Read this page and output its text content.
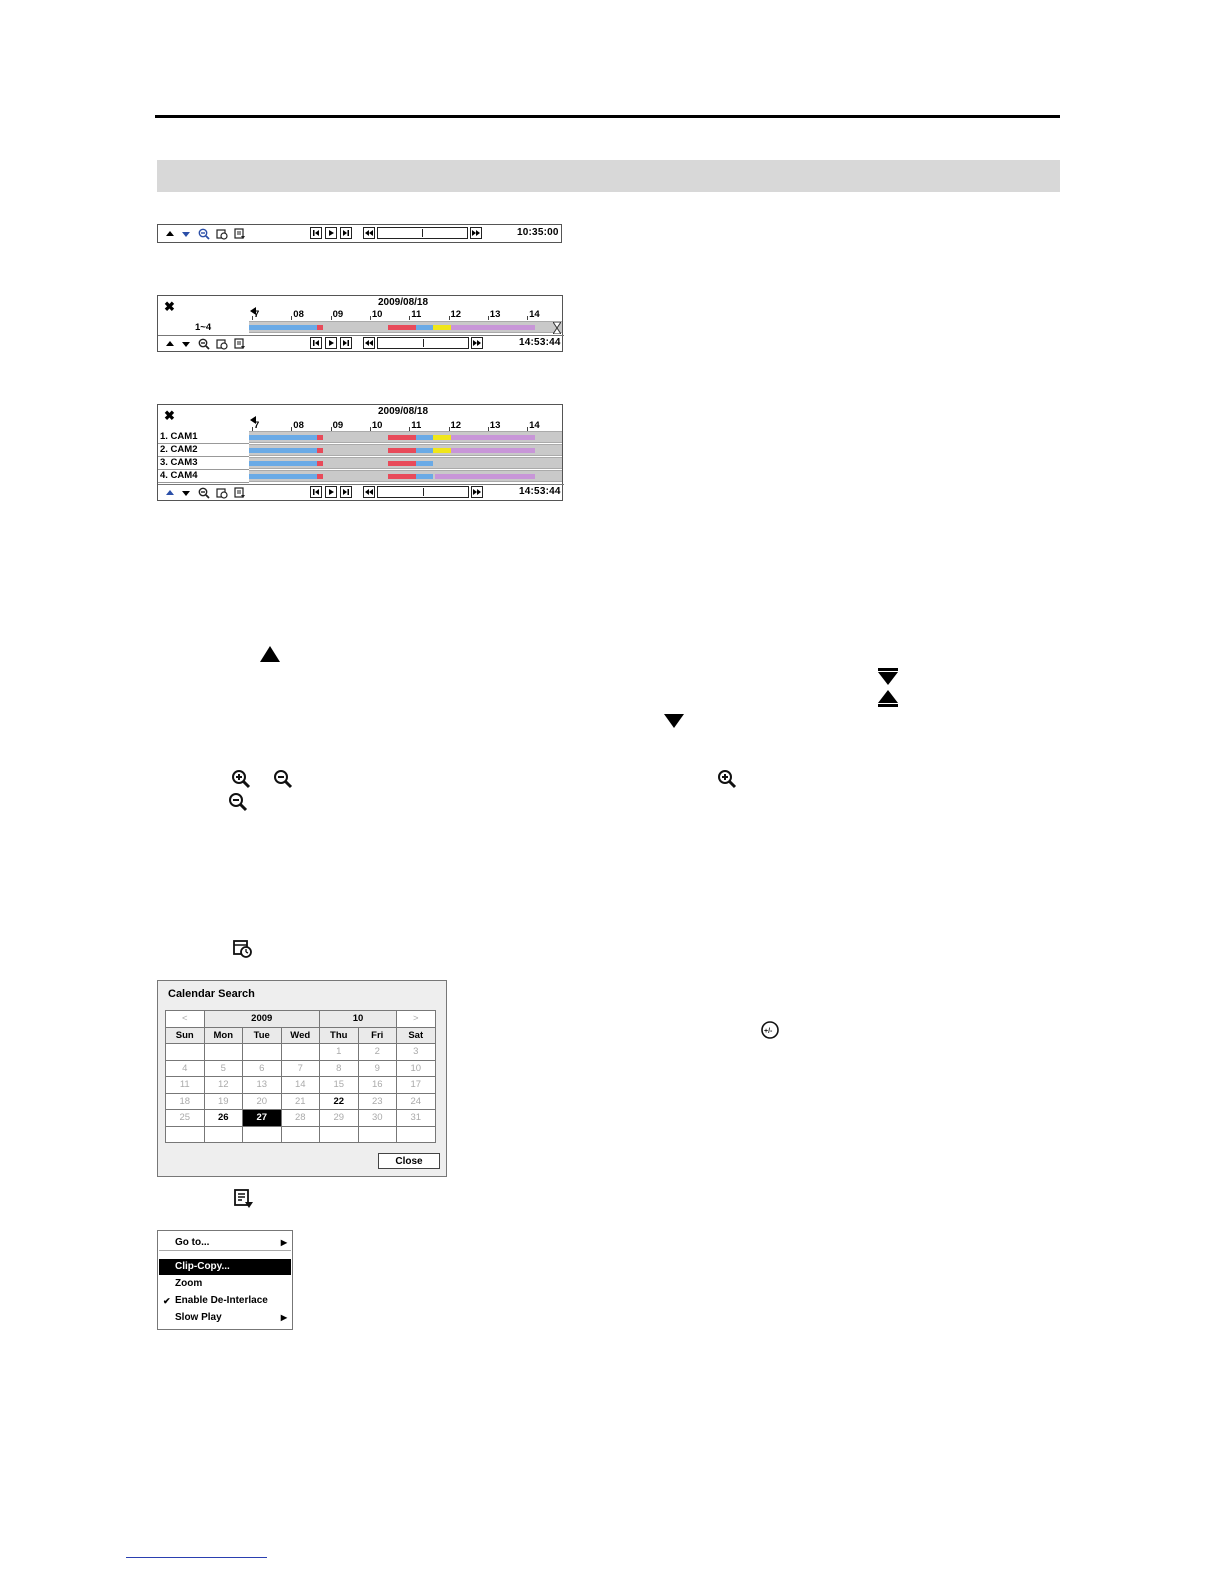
10:35:00
✖	2009/08/18
7	08	09	10	11	12	13	14
1~4
14:53:44
✖	2009/08/18
7	08	09	10	11	12	13	14
1. CAM1
2. CAM2
3. CAM3
4. CAM4
14:53:44
+/-
Calendar Search
<	2009			10		>
Sun	Mon	Tue	Wed	Thu	Fri	Sat
				1	2	3
4	5	6	7	8	9	10
11	12	13	14	15	16	17
18	19	20	21	22	23	24
25	26	27	28	29	30	31

Close
Go to...	▶
Clip-Copy...
Zoom
✔ Enable De-Interlace
Slow Play	▶
